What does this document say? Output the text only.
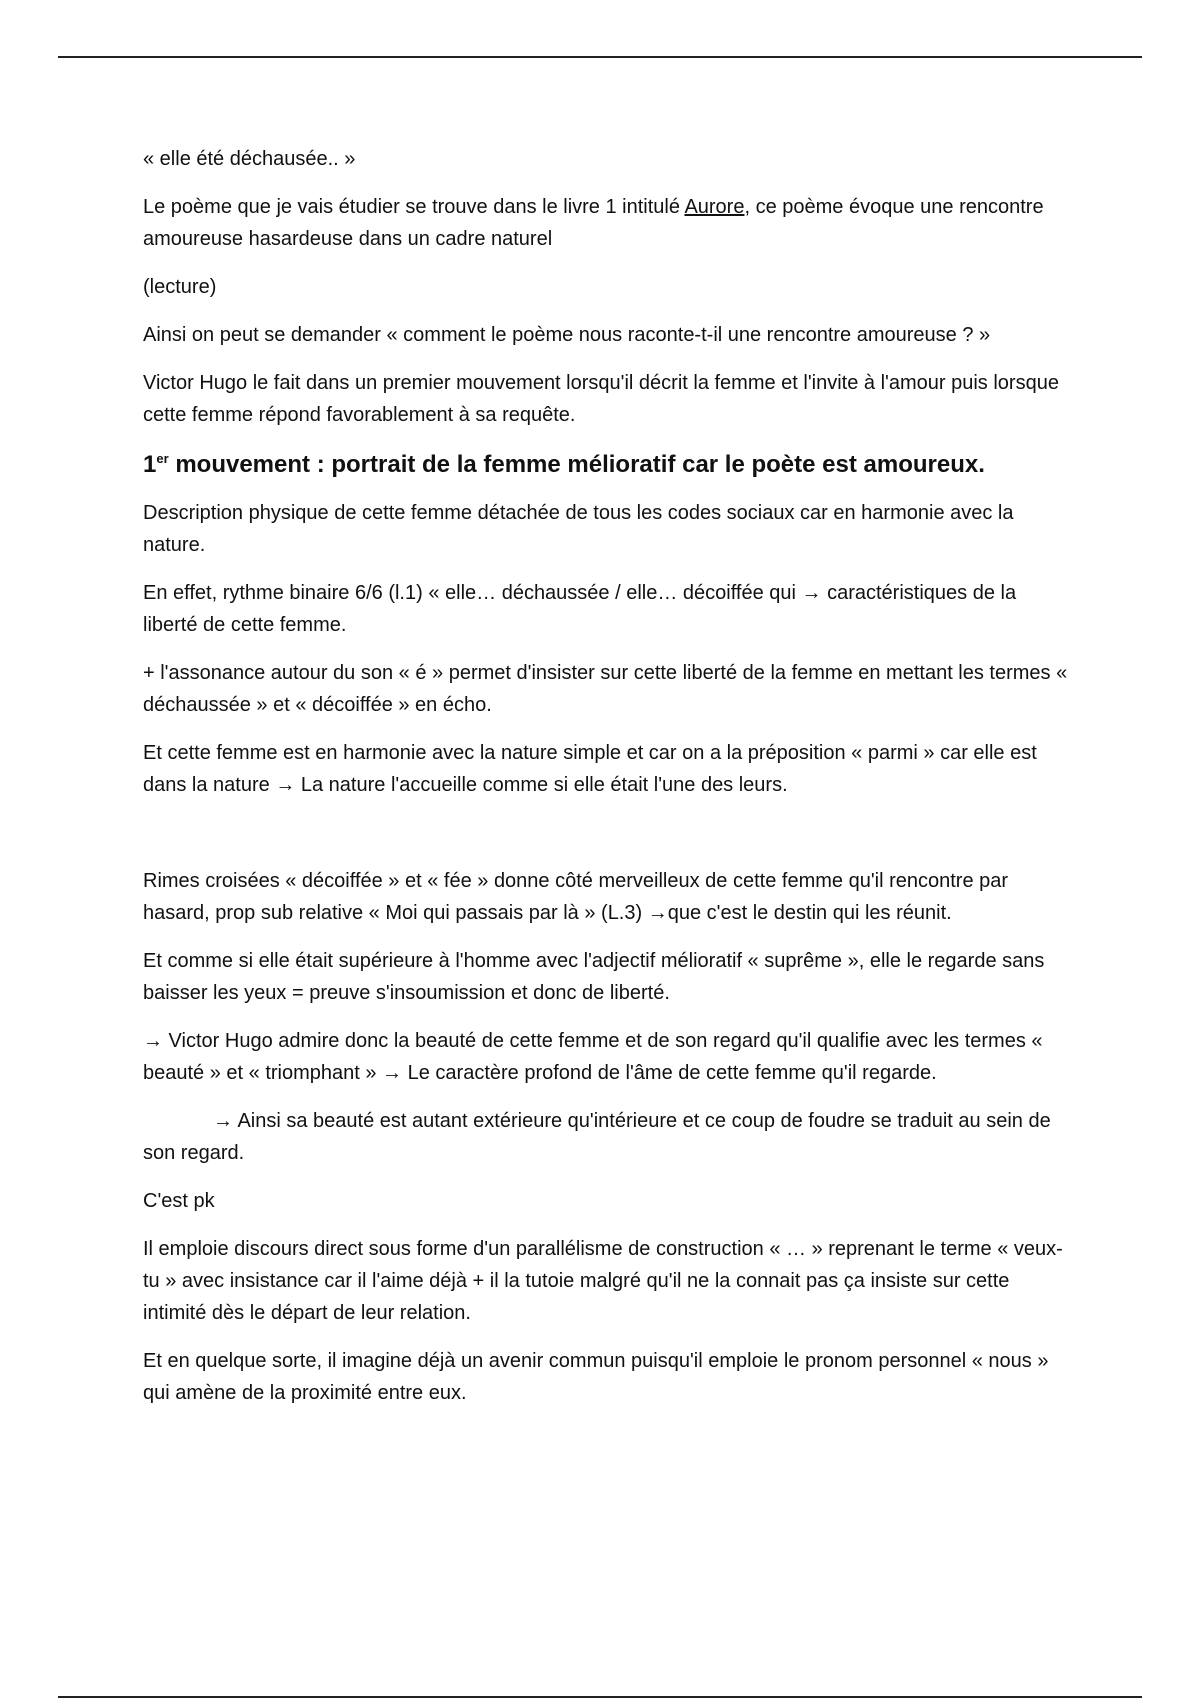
« elle été déchausée.. »

Le poème que je vais étudier se trouve dans le livre 1 intitulé Aurore, ce poème évoque une rencontre amoureuse hasardeuse dans un cadre naturel

(lecture)

Ainsi on peut se demander « comment le poème nous raconte-t-il une rencontre amoureuse ? »

Victor Hugo le fait dans un premier mouvement lorsqu'il décrit la femme et l'invite à l'amour puis lorsque cette femme répond favorablement à sa requête.

1er mouvement : portrait de la femme mélioratif car le poète est amoureux.

Description physique de cette femme détachée de tous les codes sociaux car en harmonie avec la nature.

En effet, rythme binaire 6/6 (l.1) « elle… déchaussée / elle… décoiffée qui → caractéristiques de la liberté de cette femme.

+ l'assonance autour du son « é » permet d'insister sur cette liberté de la femme en mettant les termes « déchaussée » et « décoiffée » en écho.

Et cette femme est en harmonie avec la nature simple et car on a la préposition « parmi » car elle est dans la nature → La nature l'accueille comme si elle était l'une des leurs.

Rimes croisées « décoiffée » et « fée » donne côté merveilleux de cette femme qu'il rencontre par hasard, prop sub relative « Moi qui passais par là » (L.3) →que c'est le destin qui les réunit.

Et comme si elle était supérieure à l'homme avec l'adjectif mélioratif « suprême », elle le regarde sans baisser les yeux = preuve s'insoumission et donc de liberté.

→ Victor Hugo admire donc la beauté de cette femme et de son regard qu'il qualifie avec les termes « beauté » et « triomphant » → Le caractère profond de l'âme de cette femme qu'il regarde.

→ Ainsi sa beauté est autant extérieure qu'intérieure et ce coup de foudre se traduit au sein de son regard.

C'est pk

Il emploie discours direct sous forme d'un parallélisme de construction « … » reprenant le terme « veux-tu » avec insistance car il l'aime déjà + il la tutoie malgré qu'il ne la connait pas ça insiste sur cette intimité dès le départ de leur relation.

Et en quelque sorte, il imagine déjà un avenir commun puisqu'il emploie le pronom personnel « nous » qui amène de la proximité entre eux.
